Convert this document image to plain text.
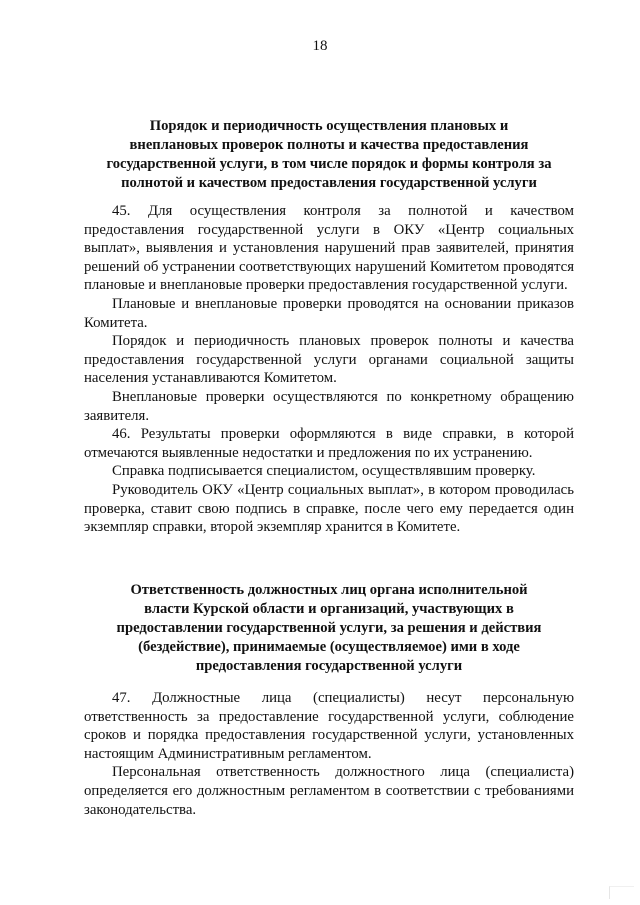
18
Порядок и периодичность осуществления плановых и
внеплановых проверок полноты и качества предоставления
государственной услуги, в том числе порядок и формы контроля за
полнотой и качеством предоставления государственной услуги

45. Для осуществления контроля за полнотой и качеством предоставления государственной услуги в ОКУ «Центр социальных выплат», выявления и установления нарушений прав заявителей, принятия решений об устранении соответствующих нарушений Комитетом проводятся плановые и внеплановые проверки предоставления государственной услуги.

Плановые и внеплановые проверки проводятся на основании приказов Комитета.

Порядок и периодичность плановых проверок полноты и качества предоставления государственной услуги органами социальной защиты населения устанавливаются Комитетом.

Внеплановые проверки осуществляются по конкретному обращению заявителя.

46. Результаты проверки оформляются в виде справки, в которой отмечаются выявленные недостатки и предложения по их устранению.

Справка подписывается специалистом, осуществлявшим проверку.

Руководитель ОКУ «Центр социальных выплат», в котором проводилась проверка, ставит свою подпись в справке, после чего ему передается один экземпляр справки, второй экземпляр хранится в Комитете.

Ответственность должностных лиц органа исполнительной
власти Курской области и организаций, участвующих в
предоставлении государственной услуги, за решения и действия
(бездействие), принимаемые (осуществляемое) ими в ходе
предоставления государственной услуги

47. Должностные лица (специалисты) несут персональную ответственность за предоставление государственной услуги, соблюдение сроков и порядка предоставления государственной услуги, установленных настоящим Административным регламентом.

Персональная ответственность должностного лица (специалиста) определяется его должностным регламентом в соответствии с требованиями законодательства.
